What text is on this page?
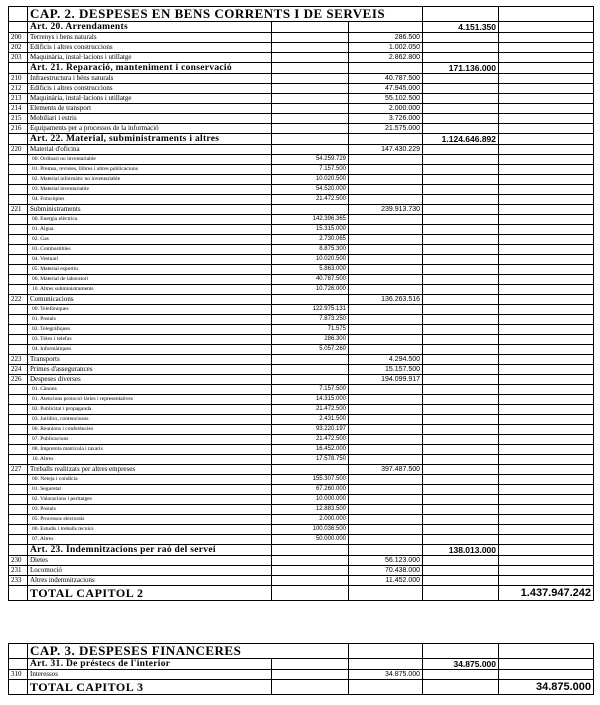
	CAP. 2. DESPESES EN BENS CORRENTS I DE SERVEIS				
	Art. 20. Arrendaments			4.151.350	
200	Terrenys i bens naturals		286.500		
202	Edificis i altres construccions		1.002.050		
203	Maquinària, instal·lacions i utillatge		2.862.800		
	Art. 21. Reparació, manteniment i conservació			171.136.000	
210	Infraestructura i béns naturals		40.787.500		
212	Edificis i altres construccions		47.945.000		
213	Maquinària, instal·lacions i utillatge		55.102.500		
214	Elements de transport		2.000.000		
215	Mobiliari i estris		3.726.000		
216	Equipaments per a processos de la informació		21.575.000		
	Art. 22. Material, subministraments i altres			1.124.646.892	
220	Material d'oficina		147.430.229		
	00. Ordinari no inventariable	54.259.729			
	01. Premsa, revistes, llibres i altres publicacions	7.157.500			
	02. Material informàtic no inventariable	10.020.500			
	03. Material inventariable	54.520.000			
	04. Fotocòpies	21.472.500			
221	Subministraments		239.913.730		
	00. Energia elèctrica	142.396.365			
	01. Aigua	15.315.000			
	02. Gas	2.730.065			
	03. Combustibles	8.875.300			
	04. Vestuari	10.020.500			
	05. Material esportiu	5.863.000			
	06. Material de laboratori	40.787.500			
	10. Altres subministraments	10.726.000			
222	Comunicacions		136.263.516		
	00. Telefòniques	122.975.131			
	01. Postals	7.873.250			
	02. Telegràfiques	71.575			
	03. Tèlex i telefax	286.300			
	04. Informàtiques	5.057.260			
223	Transports		4.294.500		
224	Primes d'assegurances		15.157.500		
226	Despeses diverses		194.099.917		
	01. Cànons	7.157.500			
	01. Atencions protocol·làries i representatives	14.315.000			
	02. Publicitat i propaganda	21.472.500			
	03. Jurídics, contenciosos	2.431.500			
	06. Reunions i conferències	93.220.197			
	07. Publicacions	21.472.500			
	08. Impremta matrícula i taxaris	16.452.000			
	10. Altres	17.578.750			
227	Treballs realitzats per altres empreses		397.487.500		
	00. Neteja i condícia	155.307.500			
	01. Seguretat	67.260.000			
	02. Valoracions i peritatges	10.000.000			
	03. Postals	12.883.500			
	05. Processos electorals	2.000.000			
	06. Estudis i treballs tècnics	100.036.500			
	07. Altres	50.000.000			
	Art. 23. Indemnitzacions per raó del servei			138.013.000	
230	Dietes		56.123.000		
231	Locomoció		70.438.000		
233	Altres indemnitzacions		11.452.000		
	TOTAL CAPITOL 2				1.437.947.242
	CAP. 3. DESPESES FINANCERES				
	Art. 31. De préstecs de l'interior			34.875.000	
310	Interessos		34.875.000		
	TOTAL CAPITOL 3				34.875.000
